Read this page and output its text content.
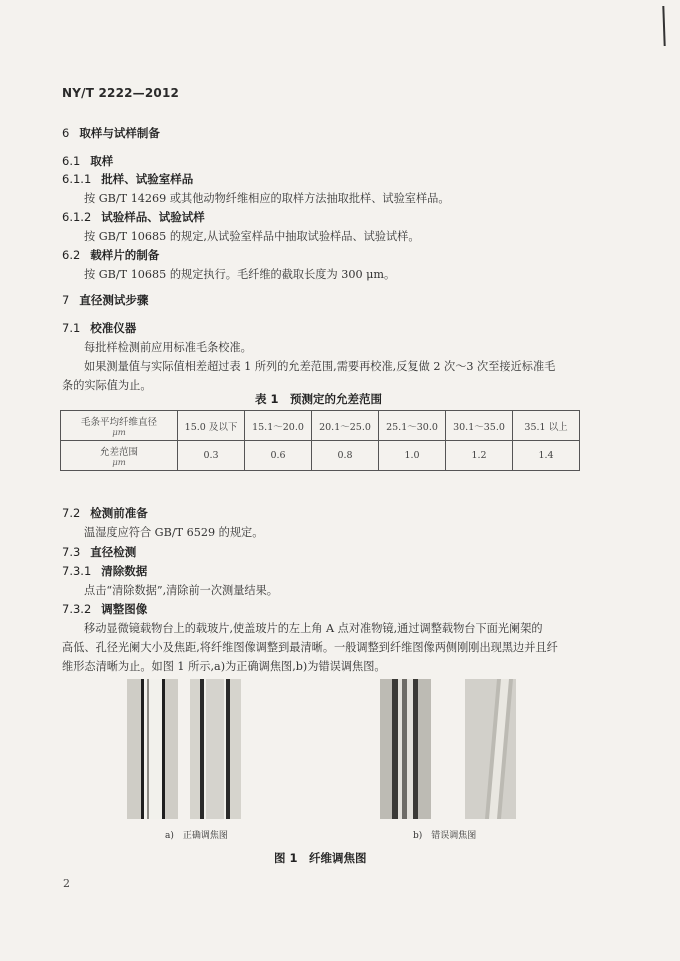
NY/T 2222—2012
6 取样与试样制备
6.1 取样
6.1.1 批样、试验室样品
按 GB/T 14269 或其他动物纤维相应的取样方法抽取批样、试验室样品。
6.1.2 试验样品、试验试样
按 GB/T 10685 的规定,从试验室样品中抽取试验样品、试验试样。
6.2 载样片的制备
按 GB/T 10685 的规定执行。毛纤维的截取长度为 300 μm。
7 直径测试步骤
7.1 校准仪器
每批样检测前应用标准毛条校准。
如果测量值与实际值相差超过表 1 所列的允差范围,需要再校准,反复做 2 次～3 次至接近标准毛
条的实际值为止。
表 1　预测定的允差范围
毛条平均纤维直径
μm	15.0 及以下	15.1～20.0	20.1～25.0	25.1～30.0	30.1～35.0	35.1 以上
允差范围
μm	0.3	0.6	0.8	1.0	1.2	1.4
7.2 检测前准备
温湿度应符合 GB/T 6529 的规定。
7.3 直径检测
7.3.1 清除数据
点击“清除数据”,清除前一次测量结果。
7.3.2 调整图像
移动显微镜载物台上的载玻片,使盖玻片的左上角 A 点对准物镜,通过调整载物台下面光阑架的
高低、孔径光阑大小及焦距,将纤维图像调整到最清晰。一般调整到纤维图像两侧刚刚出现黑边并且纤
维形态清晰为止。如图 1 所示,a)为正确调焦图,b)为错误调焦图。
a)　正确调焦图	b)　错误调焦图
图 1　纤维调焦图
2
